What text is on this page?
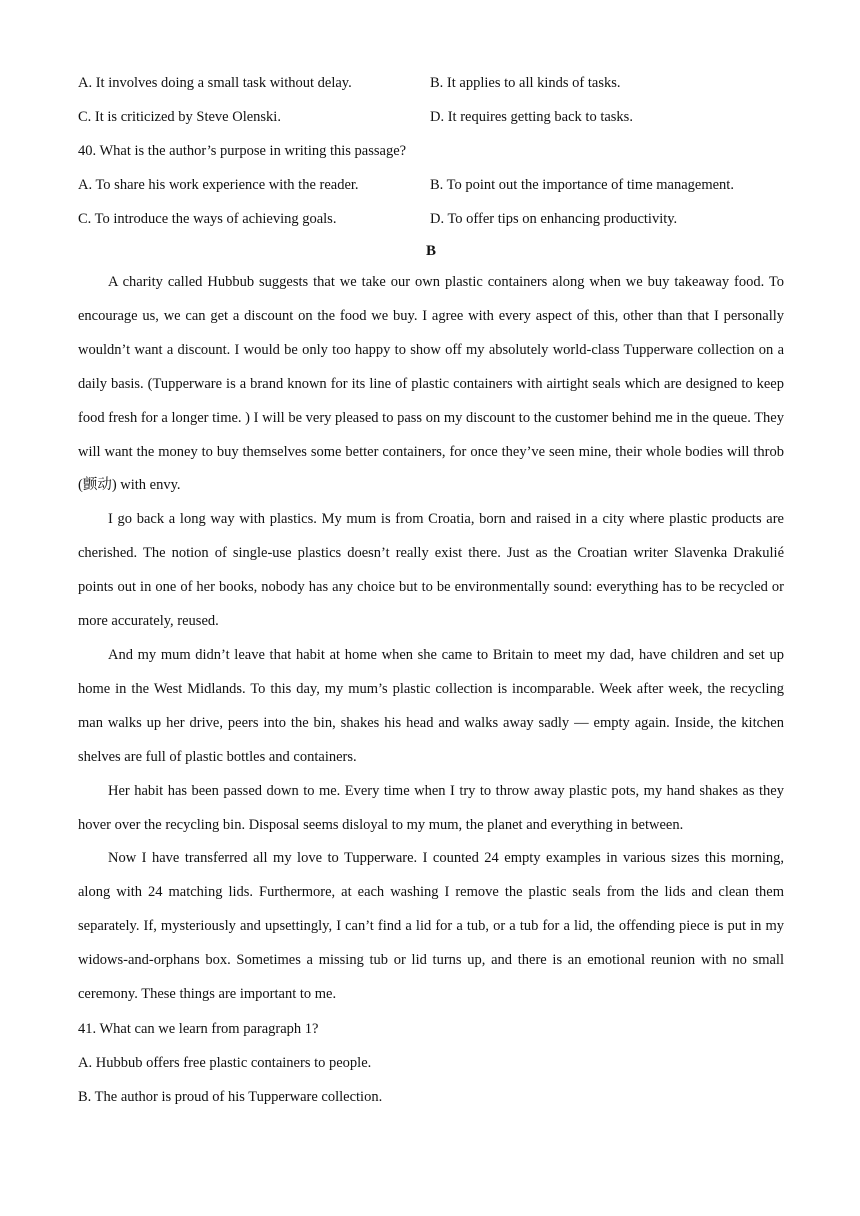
A. It involves doing a small task without delay.	B. It applies to all kinds of tasks.
C. It is criticized by Steve Olenski.	D. It requires getting back to tasks.
40. What is the author’s purpose in writing this passage?
A. To share his work experience with the reader.	B. To point out the importance of time management.
C. To introduce the ways of achieving goals.	D. To offer tips on enhancing productivity.
B

A charity called Hubbub suggests that we take our own plastic containers along when we buy takeaway food. To encourage us, we can get a discount on the food we buy. I agree with every aspect of this, other than that I personally wouldn’t want a discount. I would be only too happy to show off my absolutely world-class Tupperware collection on a daily basis. (Tupperware is a brand known for its line of plastic containers with airtight seals which are designed to keep food fresh for a longer time. ) I will be very pleased to pass on my discount to the customer behind me in the queue. They will want the money to buy themselves some better containers, for once they’ve seen mine, their whole bodies will throb (颤动) with envy.

I go back a long way with plastics. My mum is from Croatia, born and raised in a city where plastic products are cherished. The notion of single-use plastics doesn’t really exist there. Just as the Croatian writer Slavenka Drakulié points out in one of her books, nobody has any choice but to be environmentally sound: everything has to be recycled or more accurately, reused.

And my mum didn’t leave that habit at home when she came to Britain to meet my dad, have children and set up home in the West Midlands. To this day, my mum’s plastic collection is incomparable. Week after week, the recycling man walks up her drive, peers into the bin, shakes his head and walks away sadly — empty again. Inside, the kitchen shelves are full of plastic bottles and containers.

Her habit has been passed down to me. Every time when I try to throw away plastic pots, my hand shakes as they hover over the recycling bin. Disposal seems disloyal to my mum, the planet and everything in between.

Now I have transferred all my love to Tupperware. I counted 24 empty examples in various sizes this morning, along with 24 matching lids. Furthermore, at each washing I remove the plastic seals from the lids and clean them separately. If, mysteriously and upsettingly, I can’t find a lid for a tub, or a tub for a lid, the offending piece is put in my widows-and-orphans box. Sometimes a missing tub or lid turns up, and there is an emotional reunion with no small ceremony. These things are important to me.

41. What can we learn from paragraph 1?
A. Hubbub offers free plastic containers to people.
B. The author is proud of his Tupperware collection.
